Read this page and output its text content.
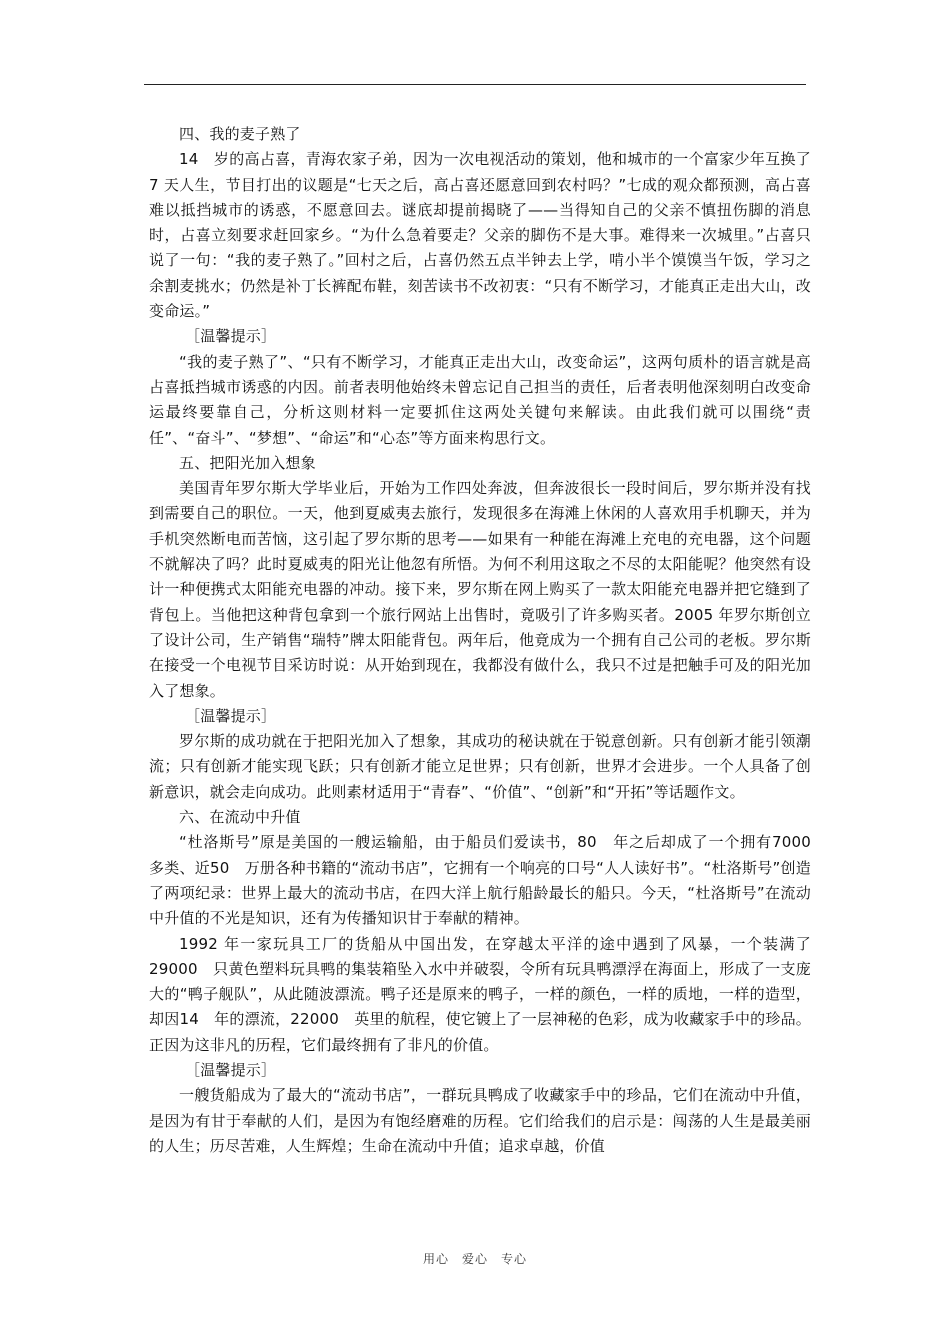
四、我的麦子熟了

14　岁的高占喜，青海农家子弟，因为一次电视活动的策划，他和城市的一个富家少年互换了7 天人生，节目打出的议题是“七天之后，高占喜还愿意回到农村吗？”七成的观众都预测，高占喜难以抵挡城市的诱惑，不愿意回去。谜底却提前揭晓了——当得知自己的父亲不慎扭伤脚的消息时，占喜立刻要求赶回家乡。“为什么急着要走？父亲的脚伤不是大事。难得来一次城里。”占喜只说了一句：“我的麦子熟了。”回村之后，占喜仍然五点半钟去上学，啃小半个馍馍当午饭，学习之余割麦挑水；仍然是补丁长裤配布鞋，刻苦读书不改初衷：“只有不断学习，才能真正走出大山，改变命运。”

［温馨提示］

“我的麦子熟了”、“只有不断学习，才能真正走出大山，改变命运”，这两句质朴的语言就是高占喜抵挡城市诱惑的内因。前者表明他始终未曾忘记自己担当的责任，后者表明他深刻明白改变命运最终要靠自己，分析这则材料一定要抓住这两处关键句来解读。由此我们就可以围绕“责任”、“奋斗”、“梦想”、“命运”和“心态”等方面来构思行文。

五、把阳光加入想象

美国青年罗尔斯大学毕业后，开始为工作四处奔波，但奔波很长一段时间后，罗尔斯并没有找到需要自己的职位。一天，他到夏威夷去旅行，发现很多在海滩上休闲的人喜欢用手机聊天，并为手机突然断电而苦恼，这引起了罗尔斯的思考——如果有一种能在海滩上充电的充电器，这个问题不就解决了吗？此时夏威夷的阳光让他忽有所悟。为何不利用这取之不尽的太阳能呢？他突然有设计一种便携式太阳能充电器的冲动。接下来，罗尔斯在网上购买了一款太阳能充电器并把它缝到了背包上。当他把这种背包拿到一个旅行网站上出售时，竟吸引了许多购买者。2005 年罗尔斯创立了设计公司，生产销售“瑞特”牌太阳能背包。两年后，他竟成为一个拥有自己公司的老板。罗尔斯在接受一个电视节目采访时说：从开始到现在，我都没有做什么，我只不过是把触手可及的阳光加入了想象。

［温馨提示］

罗尔斯的成功就在于把阳光加入了想象，其成功的秘诀就在于锐意创新。只有创新才能引领潮流；只有创新才能实现飞跃；只有创新才能立足世界；只有创新，世界才会进步。一个人具备了创新意识，就会走向成功。此则素材适用于“青春”、“价值”、“创新”和“开拓”等话题作文。

六、在流动中升值

“杜洛斯号”原是美国的一艘运输船，由于船员们爱读书，80　年之后却成了一个拥有7000　多类、近50　万册各种书籍的“流动书店”，它拥有一个响亮的口号“人人读好书”。“杜洛斯号”创造了两项纪录：世界上最大的流动书店，在四大洋上航行船龄最长的船只。今天，“杜洛斯号”在流动中升值的不光是知识，还有为传播知识甘于奉献的精神。

1992 年一家玩具工厂的货船从中国出发，在穿越太平洋的途中遇到了风暴，一个装满了29000　只黄色塑料玩具鸭的集装箱坠入水中并破裂，令所有玩具鸭漂浮在海面上，形成了一支庞大的“鸭子舰队”，从此随波漂流。鸭子还是原来的鸭子，一样的颜色，一样的质地，一样的造型，却因14　年的漂流，22000　英里的航程，使它镀上了一层神秘的色彩，成为收藏家手中的珍品。正因为这非凡的历程，它们最终拥有了非凡的价值。

［温馨提示］

一艘货船成为了最大的“流动书店”，一群玩具鸭成了收藏家手中的珍品，它们在流动中升值，是因为有甘于奉献的人们，是因为有饱经磨难的历程。它们给我们的启示是：闯荡的人生是最美丽的人生；历尽苦难，人生辉煌；生命在流动中升值；追求卓越，价值

用心　爱心　专心
